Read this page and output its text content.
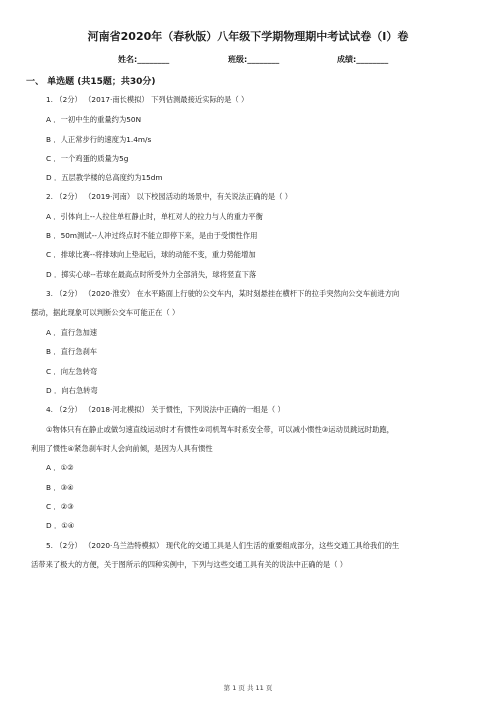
河南省2020年（春秋版）八年级下学期物理期中考试试卷（I）卷
姓名:________	班级:________	成绩:________
一、 单选题 (共15题；共30分)
1. （2分） （2017·南长模拟） 下列估测最接近实际的是（ ）
A ．一初中生的重量约为50N
B ．人正常步行的速度为1.4m/s
C ．一个鸡蛋的质量为5g
D ．五层教学楼的总高度约为15dm
2. （2分） （2019·河南） 以下校园活动的场景中，有关说法正确的是（ ）
A ．引体向上--人拉住单杠静止时，单杠对人的拉力与人的重力平衡
B ．50m测试--人冲过终点时不能立即停下来，是由于受惯性作用
C ．排球比赛--将排球向上垫起后，球的动能不变，重力势能增加
D ．掷实心球--若球在最高点时所受外力全部消失，球将竖直下落
3. （2分） （2020·淮安） 在水平路面上行驶的公交车内，某时刻悬挂在横杆下的拉手突然向公交车前进方向
摆动，据此现象可以判断公交车可能正在（ ）
A ．直行急加速
B ．直行急刹车
C ．向左急转弯
D ．向右急转弯
4. （2分） （2018·河北模拟） 关于惯性，下列说法中正确的一组是（ ）
①物体只有在静止或做匀速直线运动时才有惯性②司机驾车时系安全带，可以减小惯性③运动员跳远时助跑，
利用了惯性④紧急刹车时人会向前倾，是因为人具有惯性
A ．①②
B ．③④
C ．②③
D ．①④
5. （2分） （2020·乌兰浩特模拟） 现代化的交通工具是人们生活的重要组成部分，这些交通工具给我们的生
活带来了极大的方便，关于图所示的四种实例中，下列与这些交通工具有关的说法中正确的是（ ）
第 1 页 共 11 页
